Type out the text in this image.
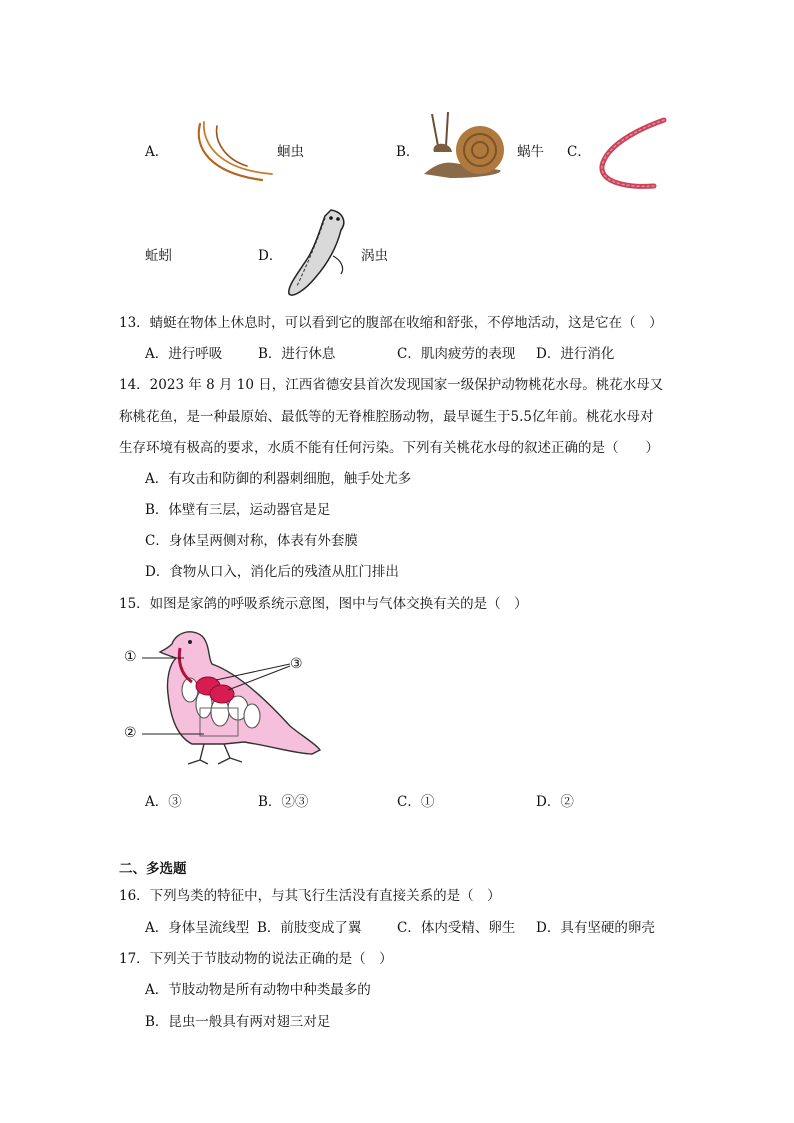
A．	蛔虫	B．	蜗牛 C．
蚯蚓	D．	涡虫
13．蜻蜓在物体上休息时，可以看到它的腹部在收缩和舒张，不停地活动，这是它在（　）
A．进行呼吸	B．进行休息	C．肌肉疲劳的表现 D．进行消化
14．2023 年 8 月 10 日，江西省德安县首次发现国家一级保护动物桃花水母。桃花水母又
称桃花鱼，是一种最原始、最低等的无脊椎腔肠动物，最早诞生于5.5亿年前。桃花水母对
生存环境有极高的要求，水质不能有任何污染。下列有关桃花水母的叙述正确的是（　　）
A．有攻击和防御的利器刺细胞，触手处尤多
B．体壁有三层，运动器官是足
C．身体呈两侧对称，体表有外套膜
D．食物从口入，消化后的残渣从肛门排出
15．如图是家鸽的呼吸系统示意图，图中与气体交换有关的是（　）
①
②
③
A．③	B．②③	C．①	D．②
二、多选题
16．下列鸟类的特征中，与其飞行生活没有直接关系的是（　）
A．身体呈流线型 B．前肢变成了翼	C．体内受精、卵生 D．具有坚硬的卵壳
17．下列关于节肢动物的说法正确的是（　）
A．节肢动物是所有动物中种类最多的
B．昆虫一般具有两对翅三对足
